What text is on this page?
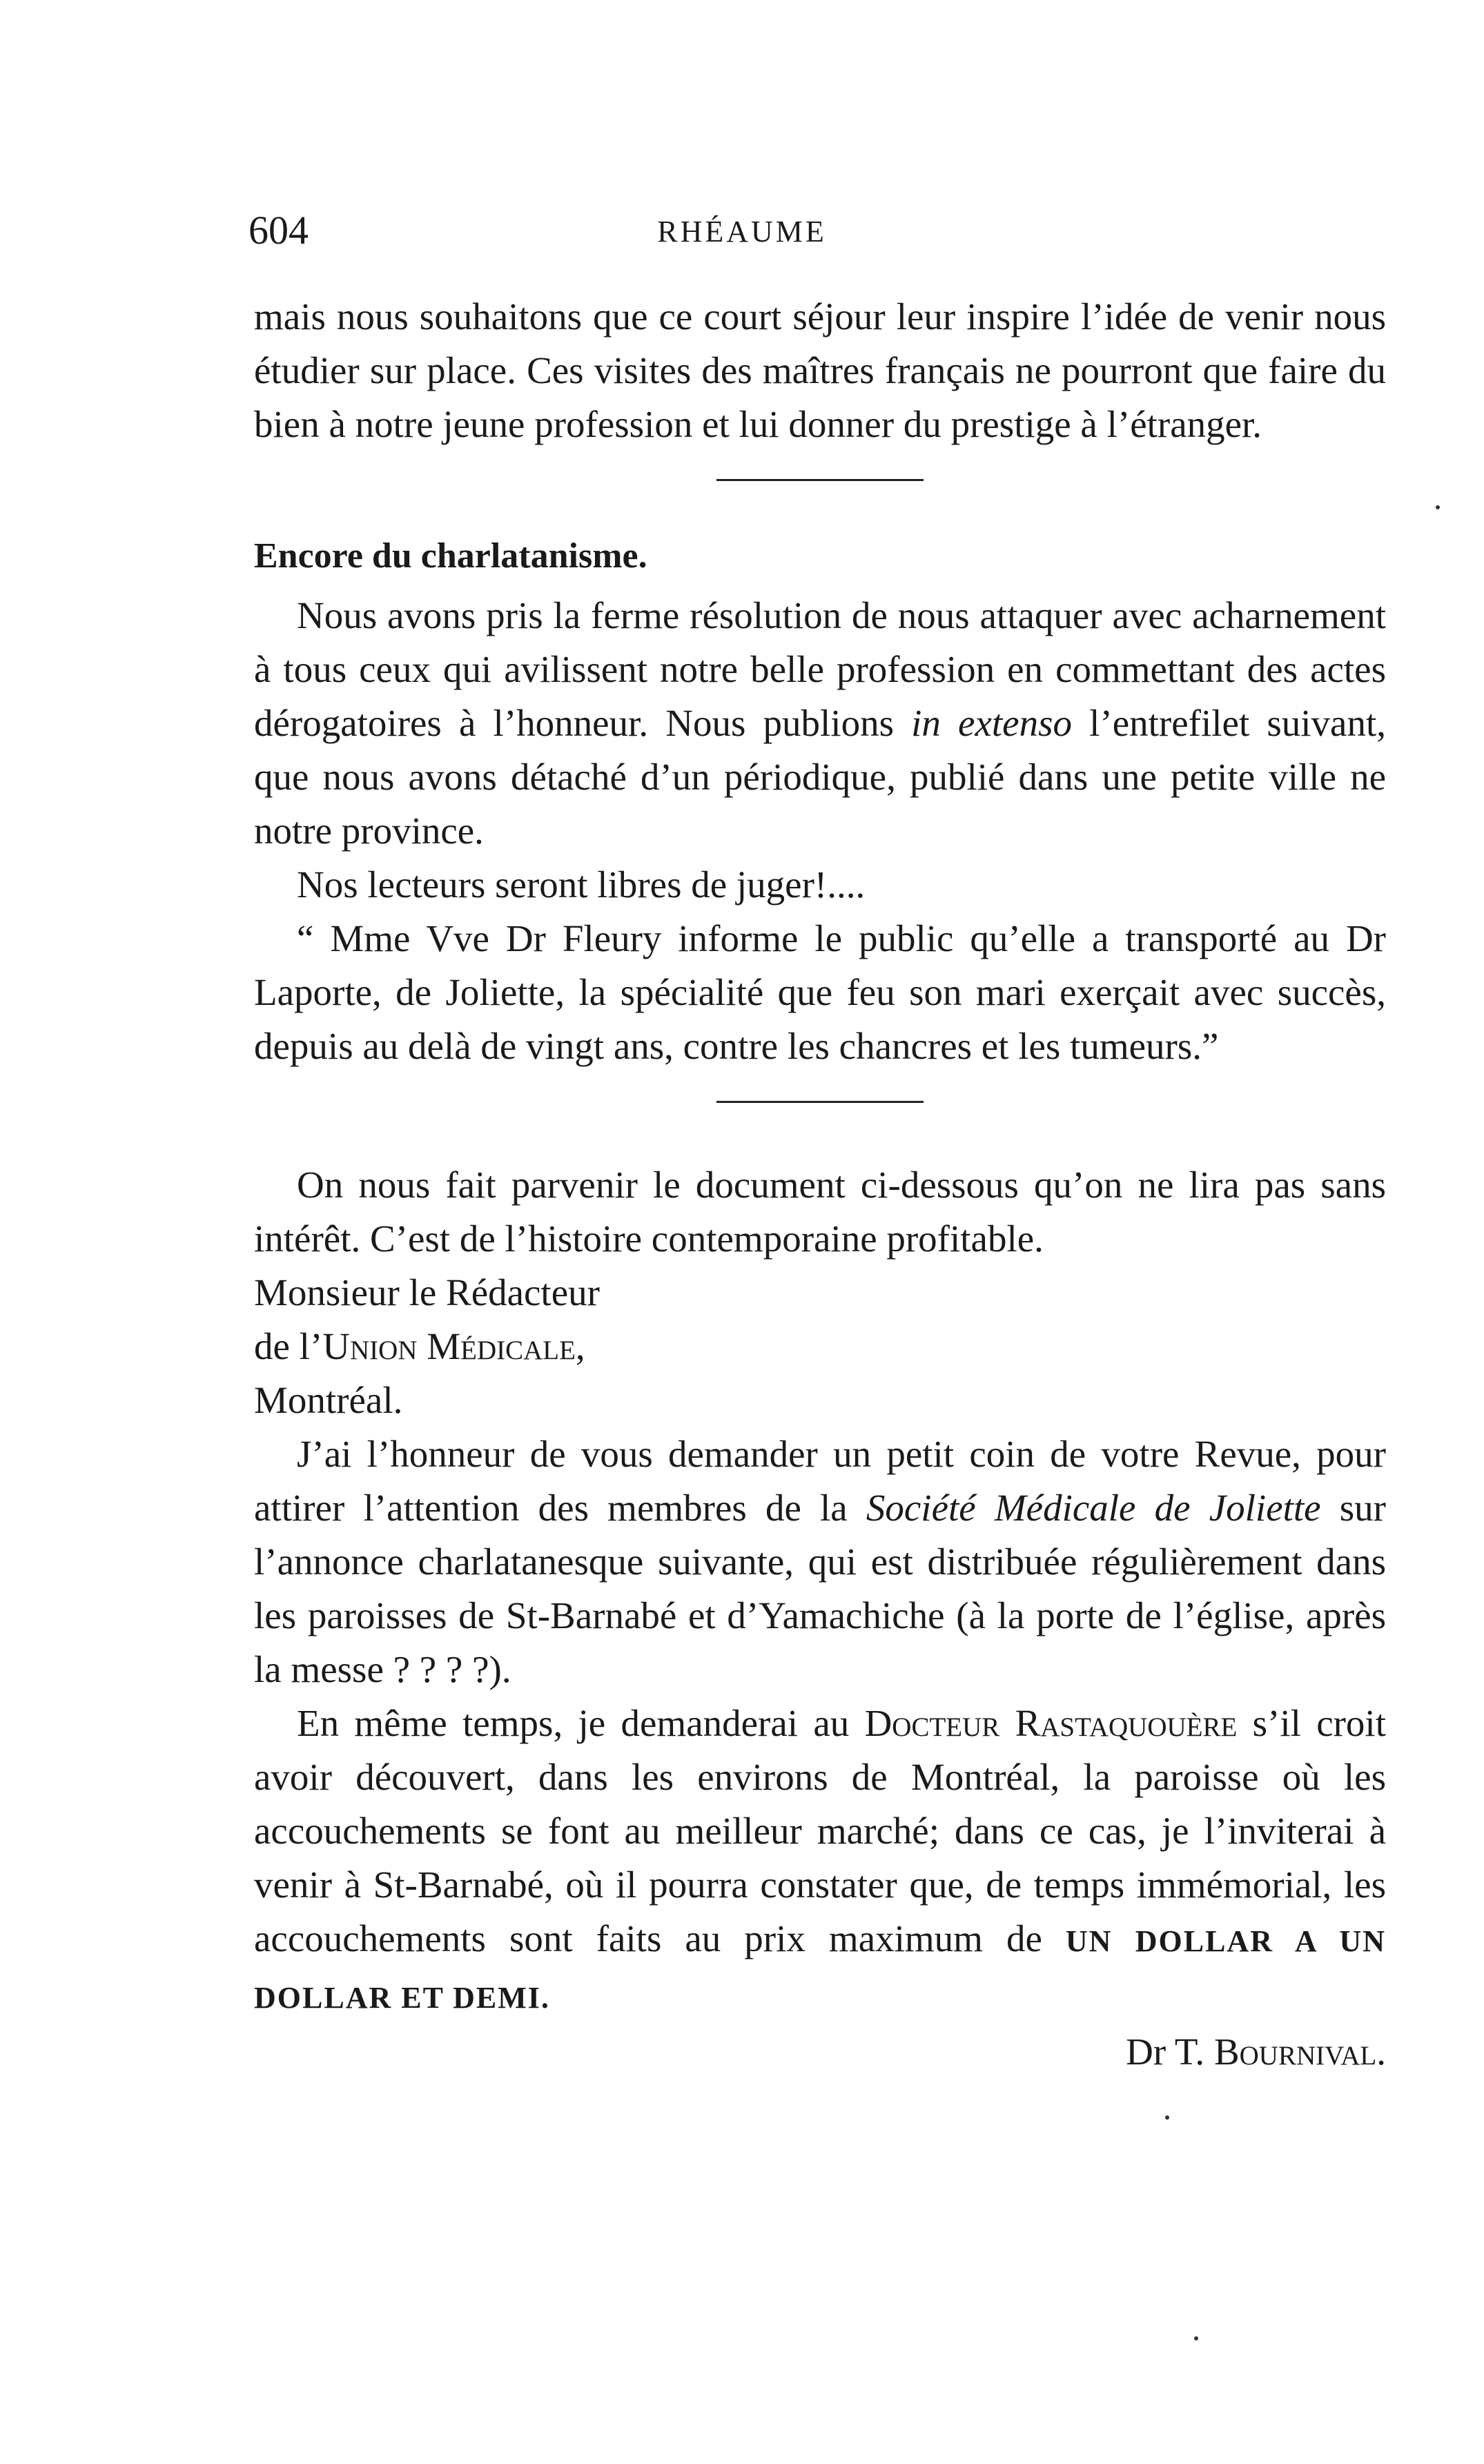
604	RHÉAUME

mais nous souhaitons que ce court séjour leur inspire l’idée de venir nous étudier sur place. Ces visites des maîtres français ne pourront que faire du bien à notre jeune profession et lui donner du prestige à l’étranger.

Encore du charlatanisme.

Nous avons pris la ferme résolution de nous attaquer avec acharnement à tous ceux qui avilissent notre belle profession en commettant des actes dérogatoires à l’honneur. Nous publions in extenso l’entrefilet suivant, que nous avons détaché d’un périodique, publié dans une petite ville ne notre province.

Nos lecteurs seront libres de juger!....

“ Mme Vve Dr Fleury informe le public qu’elle a transporté au Dr Laporte, de Joliette, la spécialité que feu son mari exerçait avec succès, depuis au delà de vingt ans, contre les chancres et les tumeurs.”

On nous fait parvenir le document ci-dessous qu’on ne lira pas sans intérêt. C’est de l’histoire contemporaine profitable.

Monsieur le Rédacteur

de l’Union Médicale,

Montréal.

J’ai l’honneur de vous demander un petit coin de votre Revue, pour attirer l’attention des membres de la Société Médicale de Joliette sur l’annonce charlatanesque suivante, qui est distribuée régulièrement dans les paroisses de St-Barnabé et d’Yamachiche (à la porte de l’église, après la messe ? ? ? ?).

En même temps, je demanderai au Docteur Rastaquouère s’il croit avoir découvert, dans les environs de Montréal, la paroisse où les accouchements se font au meilleur marché; dans ce cas, je l’inviterai à venir à St-Barnabé, où il pourra constater que, de temps immémorial, les accouchements sont faits au prix maximum de UN DOLLAR A UN DOLLAR ET DEMI.

Dr T. Bournival.
